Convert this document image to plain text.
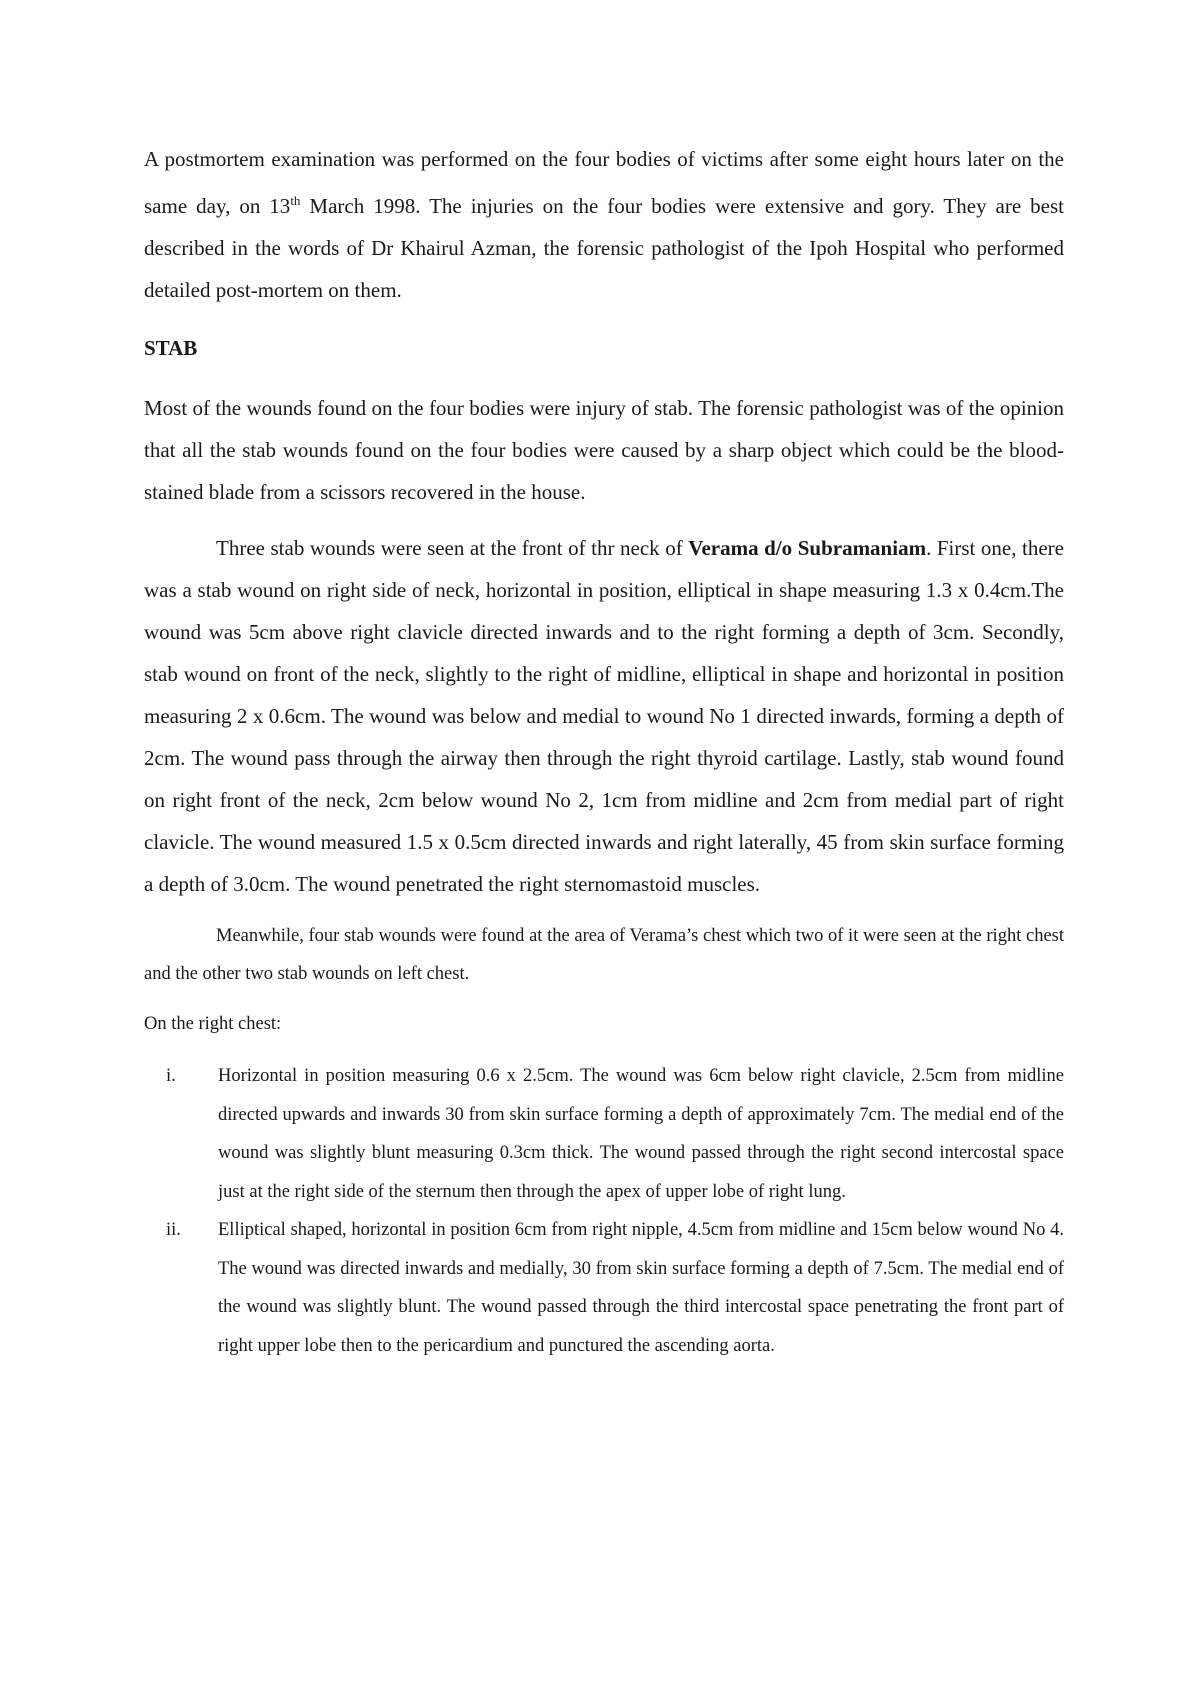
A postmortem examination was performed on the four bodies of victims after some eight hours later on the same day, on 13th March 1998. The injuries on the four bodies were extensive and gory. They are best described in the words of Dr Khairul Azman, the forensic pathologist of the Ipoh Hospital who performed detailed post-mortem on them.

STAB

Most of the wounds found on the four bodies were injury of stab. The forensic pathologist was of the opinion that all the stab wounds found on the four bodies were caused by a sharp object which could be the blood-stained blade from a scissors recovered in the house.

Three stab wounds were seen at the front of thr neck of Verama d/o Subramaniam. First one, there was a stab wound on right side of neck, horizontal in position, elliptical in shape measuring 1.3 x 0.4cm.The wound was 5cm above right clavicle directed inwards and to the right forming a depth of 3cm. Secondly, stab wound on front of the neck, slightly to the right of midline, elliptical in shape and horizontal in position measuring 2 x 0.6cm. The wound was below and medial to wound No 1 directed inwards, forming a depth of 2cm. The wound pass through the airway then through the right thyroid cartilage. Lastly, stab wound found on right front of the neck, 2cm below wound No 2, 1cm from midline and 2cm from medial part of right clavicle. The wound measured 1.5 x 0.5cm directed inwards and right laterally, 45 from skin surface forming a depth of 3.0cm. The wound penetrated the right sternomastoid muscles.

Meanwhile, four stab wounds were found at the area of Verama’s chest which two of it were seen at the right chest and the other two stab wounds on left chest.

On the right chest:

i. Horizontal in position measuring 0.6 x 2.5cm. The wound was 6cm below right clavicle, 2.5cm from midline directed upwards and inwards 30 from skin surface forming a depth of approximately 7cm. The medial end of the wound was slightly blunt measuring 0.3cm thick. The wound passed through the right second intercostal space just at the right side of the sternum then through the apex of upper lobe of right lung.
ii. Elliptical shaped, horizontal in position 6cm from right nipple, 4.5cm from midline and 15cm below wound No 4. The wound was directed inwards and medially, 30 from skin surface forming a depth of 7.5cm. The medial end of the wound was slightly blunt. The wound passed through the third intercostal space penetrating the front part of right upper lobe then to the pericardium and punctured the ascending aorta.
